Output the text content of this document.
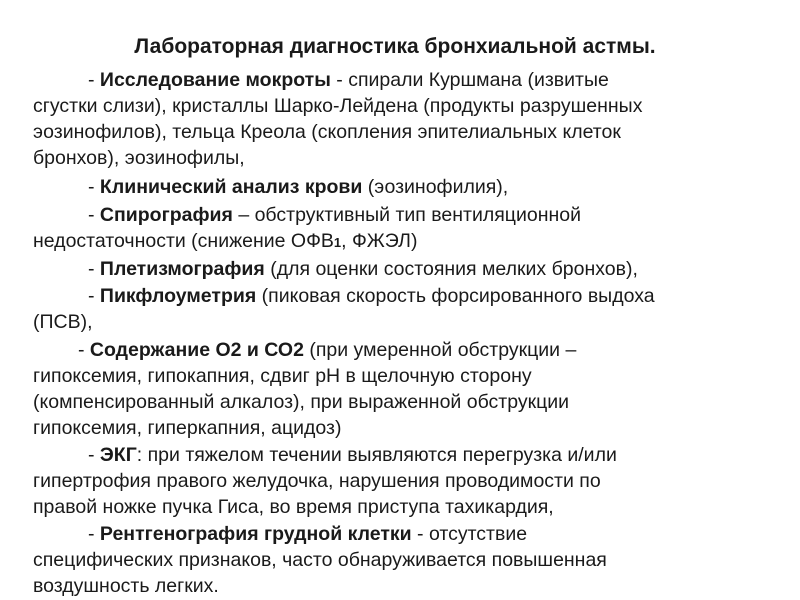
Лабораторная диагностика бронхиальной астмы.
- Исследование мокроты - спирали Куршмана (извитые
сгустки слизи), кристаллы Шарко-Лейдена (продукты разрушенных
эозинофилов), тельца Креола (скопления эпителиальных клеток
бронхов), эозинофилы,
- Клинический анализ крови (эозинофилия),
- Спирография – обструктивный тип вентиляционной
недостаточности (снижение ОФВ1, ФЖЭЛ)
- Плетизмография (для оценки состояния мелких бронхов),
- Пикфлоуметрия (пиковая скорость форсированного выдоха
(ПСВ),
- Содержание О2 и СО2 (при умеренной обструкции –
гипоксемия, гипокапния, сдвиг pH в щелочную сторону
(компенсированный алкалоз), при выраженной обструкции
гипоксемия, гиперкапния, ацидоз)
- ЭКГ: при тяжелом течении выявляются перегрузка и/или
гипертрофия правого желудочка, нарушения проводимости по
правой ножке пучка Гиса, во время приступа тахикардия,
- Рентгенография грудной клетки - отсутствие
специфических признаков, часто обнаруживается повышенная
воздушность легких.
